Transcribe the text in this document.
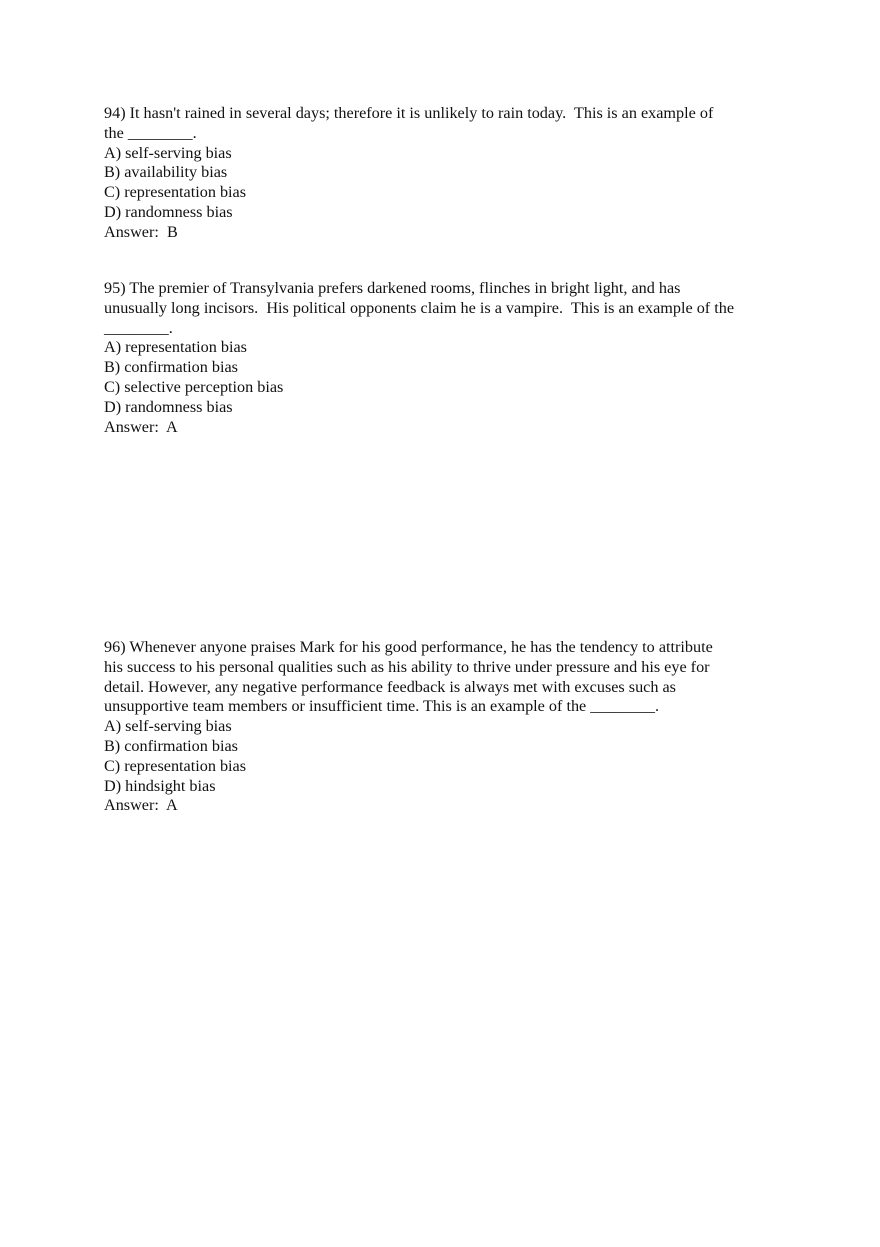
94) It hasn't rained in several days; therefore it is unlikely to rain today.  This is an example of
the ________.
A) self-serving bias
B) availability bias
C) representation bias
D) randomness bias
Answer:  B
95) The premier of Transylvania prefers darkened rooms, flinches in bright light, and has
unusually long incisors.  His political opponents claim he is a vampire.  This is an example of the
________.
A) representation bias
B) confirmation bias
C) selective perception bias
D) randomness bias
Answer:  A
96) Whenever anyone praises Mark for his good performance, he has the tendency to attribute
his success to his personal qualities such as his ability to thrive under pressure and his eye for
detail. However, any negative performance feedback is always met with excuses such as
unsupportive team members or insufficient time. This is an example of the ________.
A) self-serving bias
B) confirmation bias
C) representation bias
D) hindsight bias
Answer:  A
